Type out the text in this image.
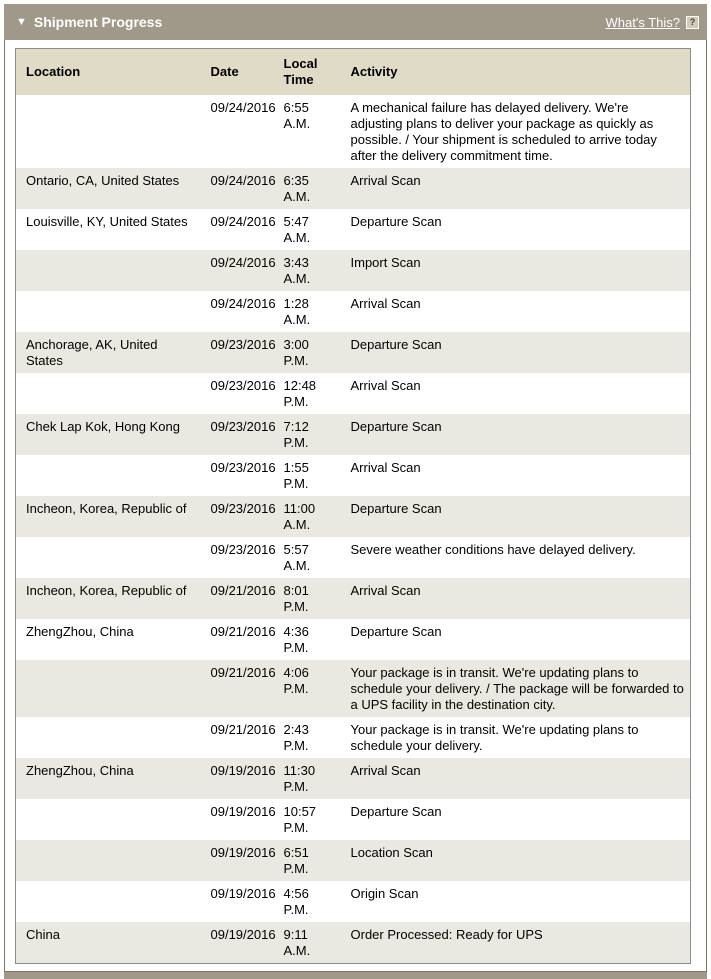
▼ Shipment Progress	What's This?	?
Location	Date	Local Time	Activity
	09/24/2016	6:55 A.M.	A mechanical failure has delayed delivery. We're adjusting plans to deliver your package as quickly as possible. / Your shipment is scheduled to arrive today after the delivery commitment time.
Ontario, CA, United States	09/24/2016	6:35 A.M.	Arrival Scan
Louisville, KY, United States	09/24/2016	5:47 A.M.	Departure Scan
	09/24/2016	3:43 A.M.	Import Scan
	09/24/2016	1:28 A.M.	Arrival Scan
Anchorage, AK, United States	09/23/2016	3:00 P.M.	Departure Scan
	09/23/2016	12:48 P.M.	Arrival Scan
Chek Lap Kok, Hong Kong	09/23/2016	7:12 P.M.	Departure Scan
	09/23/2016	1:55 P.M.	Arrival Scan
Incheon, Korea, Republic of	09/23/2016	11:00 A.M.	Departure Scan
	09/23/2016	5:57 A.M.	Severe weather conditions have delayed delivery.
Incheon, Korea, Republic of	09/21/2016	8:01 P.M.	Arrival Scan
ZhengZhou, China	09/21/2016	4:36 P.M.	Departure Scan
	09/21/2016	4:06 P.M.	Your package is in transit. We're updating plans to schedule your delivery. / The package will be forwarded to a UPS facility in the destination city.
	09/21/2016	2:43 P.M.	Your package is in transit. We're updating plans to schedule your delivery.
ZhengZhou, China	09/19/2016	11:30 P.M.	Arrival Scan
	09/19/2016	10:57 P.M.	Departure Scan
	09/19/2016	6:51 P.M.	Location Scan
	09/19/2016	4:56 P.M.	Origin Scan
China	09/19/2016	9:11 A.M.	Order Processed: Ready for UPS
